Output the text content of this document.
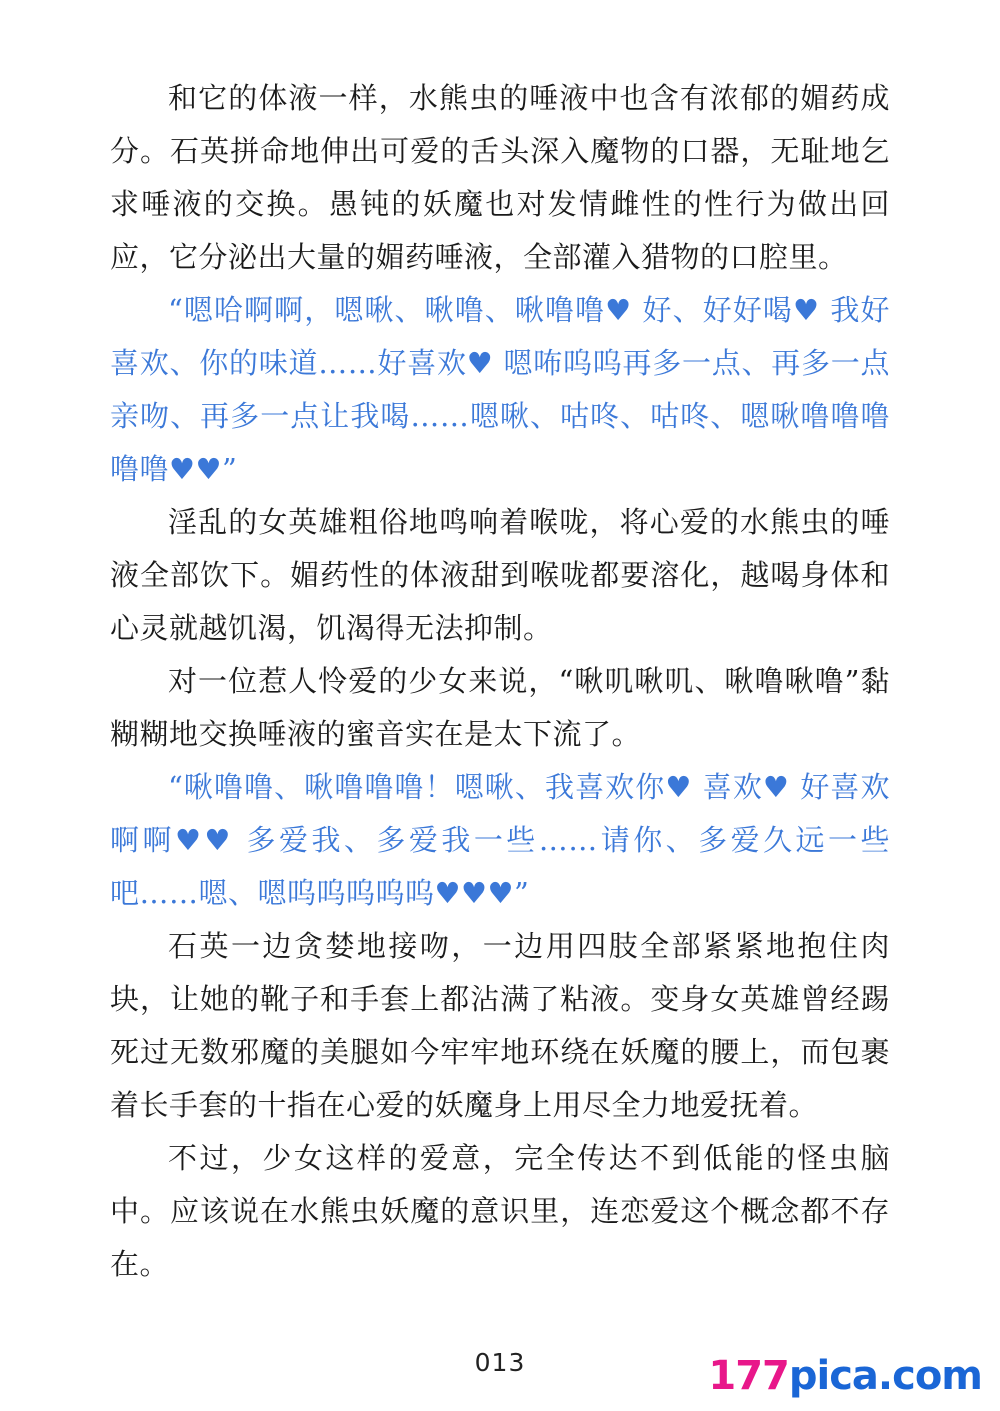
和它的体液一样，水熊虫的唾液中也含有浓郁的媚药成分。石英拼命地伸出可爱的舌头深入魔物的口器，无耻地乞求唾液的交换。愚钝的妖魔也对发情雌性的性行为做出回应，它分泌出大量的媚药唾液，全部灌入猎物的口腔里。

“嗯哈啊啊，嗯啾、啾噜、啾噜噜♥ 好、好好喝♥ 我好喜欢、你的味道……好喜欢♥ 嗯咘呜呜再多一点、再多一点亲吻、再多一点让我喝……嗯啾、咕咚、咕咚、嗯啾噜噜噜噜噜♥♥”

淫乱的女英雄粗俗地鸣响着喉咙，将心爱的水熊虫的唾液全部饮下。媚药性的体液甜到喉咙都要溶化，越喝身体和心灵就越饥渴，饥渴得无法抑制。

对一位惹人怜爱的少女来说，“啾叽啾叽、啾噜啾噜”黏糊糊地交换唾液的蜜音实在是太下流了。

“啾噜噜、啾噜噜噜！嗯啾、我喜欢你♥ 喜欢♥ 好喜欢啊啊♥♥ 多爱我、多爱我一些……请你、多爱久远一些吧……嗯、嗯呜呜呜呜呜♥♥♥”

石英一边贪婪地接吻，一边用四肢全部紧紧地抱住肉块，让她的靴子和手套上都沾满了粘液。变身女英雄曾经踢死过无数邪魔的美腿如今牢牢地环绕在妖魔的腰上，而包裹着长手套的十指在心爱的妖魔身上用尽全力地爱抚着。

不过，少女这样的爱意，完全传达不到低能的怪虫脑中。应该说在水熊虫妖魔的意识里，连恋爱这个概念都不存在。

013	177pica.com
